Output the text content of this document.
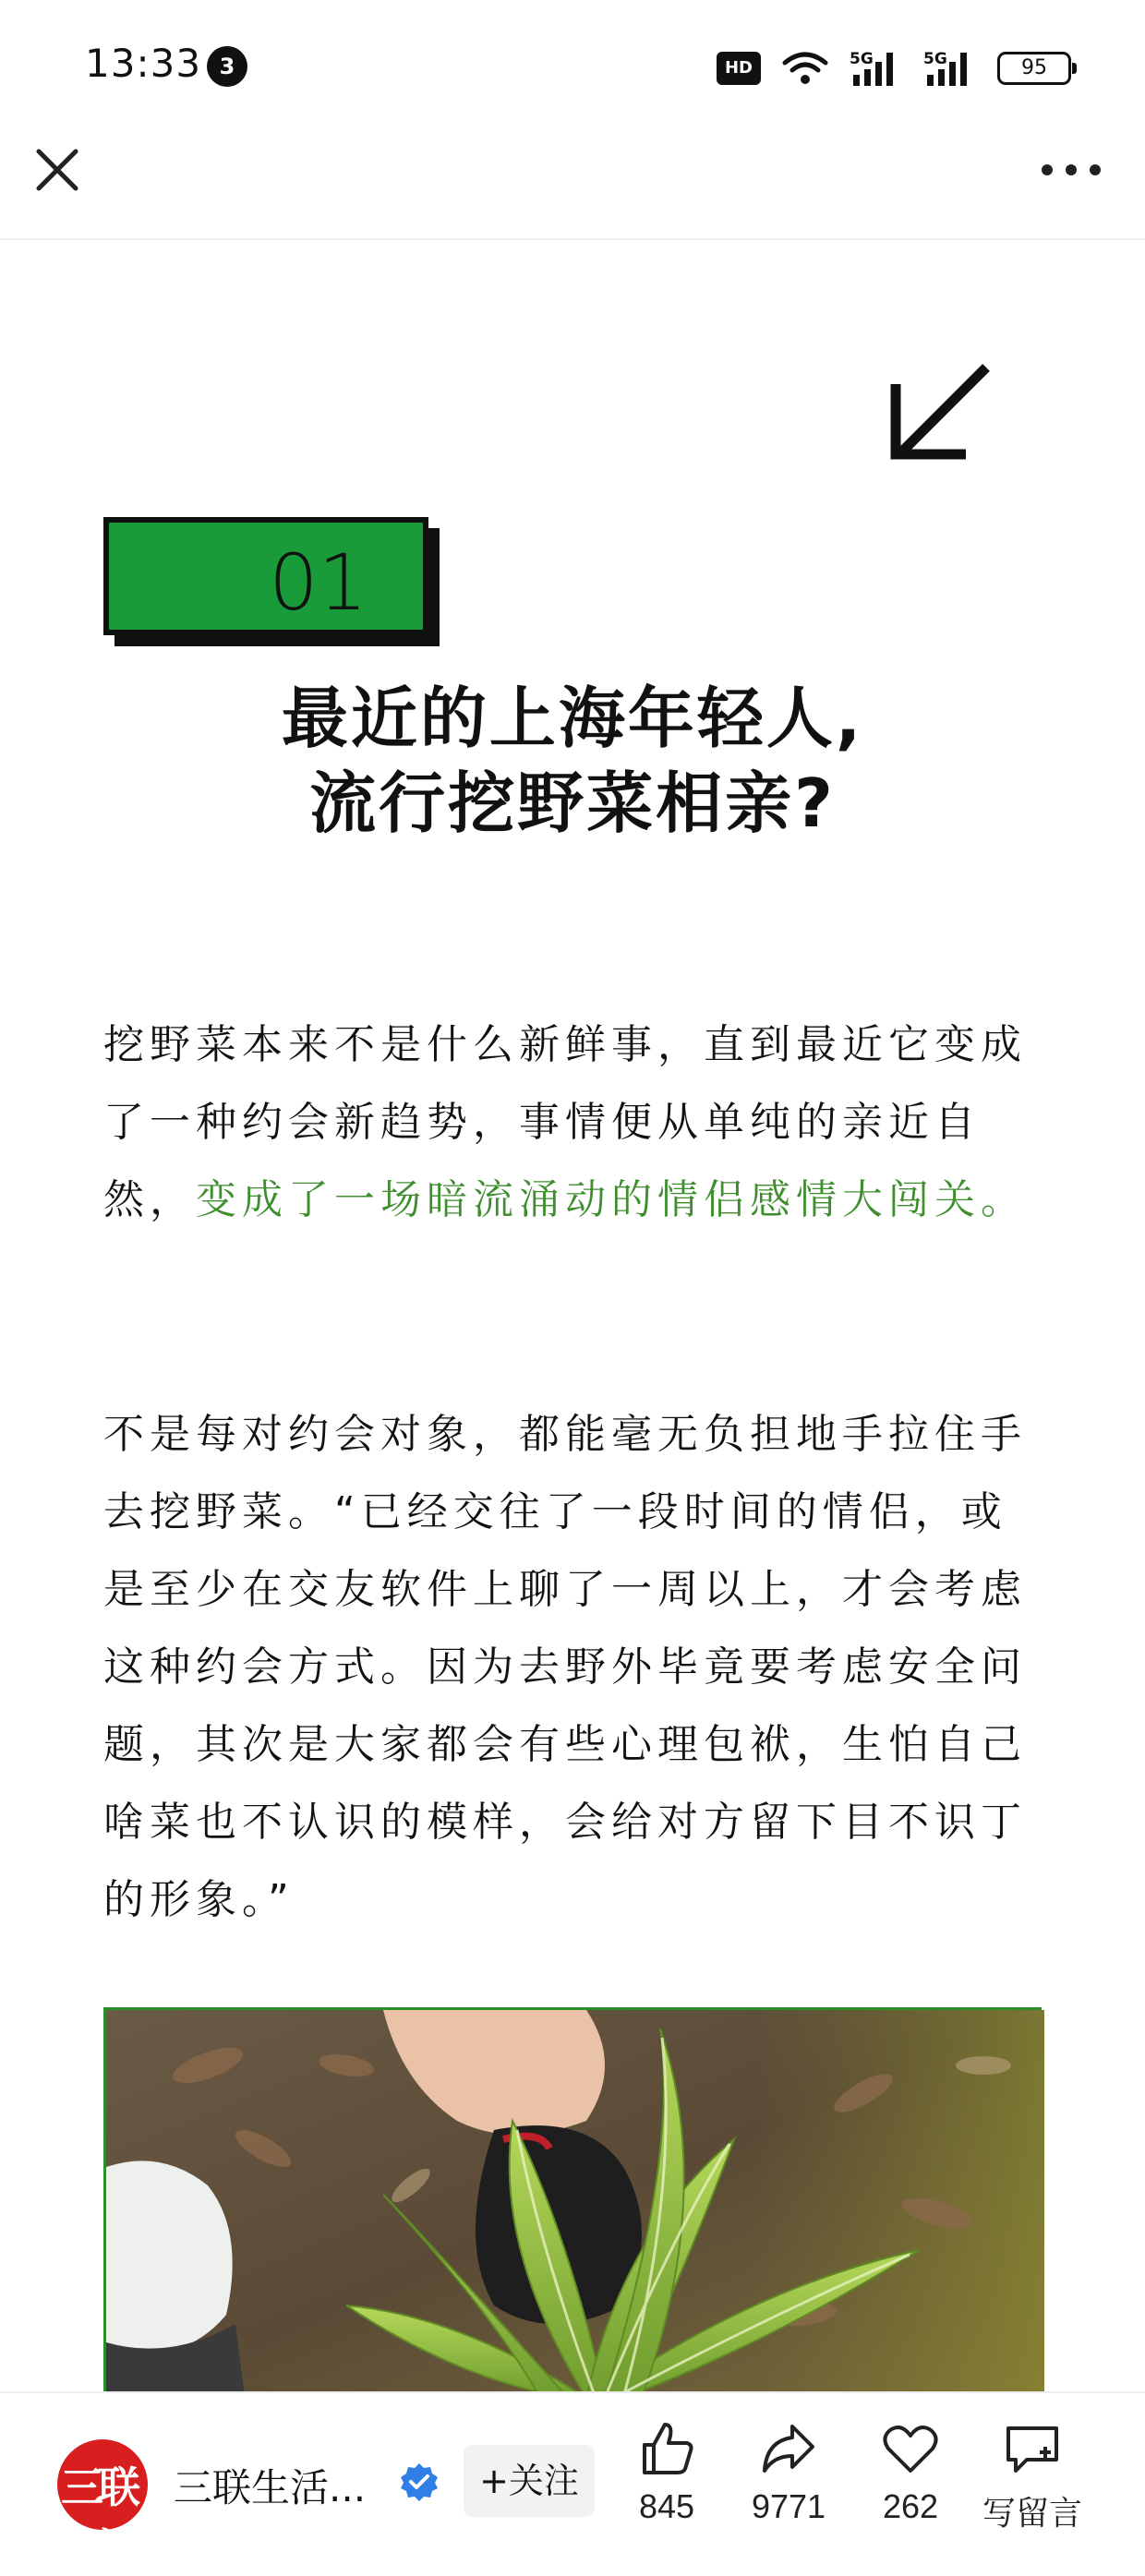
13:33 3	HD	5G	5G	95
01
最近的上海年轻人,
流行挖野菜相亲?

挖野菜本来不是什么新鲜事，直到最近它变成了一种约会新趋势，事情便从单纯的亲近自然，变成了一场暗流涌动的情侣感情大闯关。

不是每对约会对象，都能毫无负担地手拉住手去挖野菜。“已经交往了一段时间的情侣，或是至少在交友软件上聊了一周以上，才会考虑这种约会方式。因为去野外毕竟要考虑安全问题，其次是大家都会有些心理包袱，生怕自己啥菜也不认识的模样，会给对方留下目不识丁的形象。”

三联生活
三联生活...	+关注
845	9771	262	写留言
